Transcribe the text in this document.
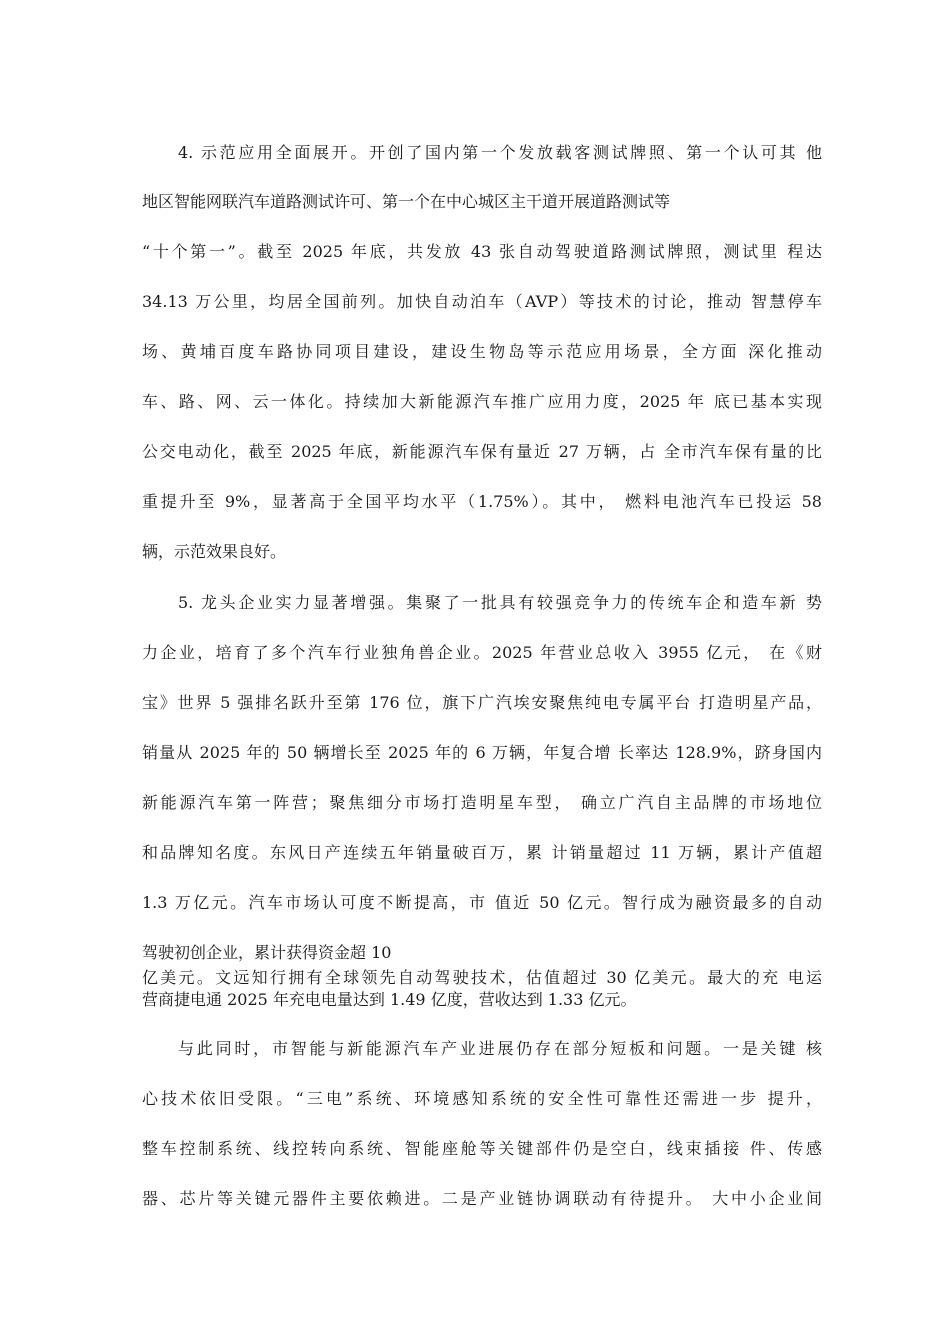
4. 示范应用全面展开。开创了国内第一个发放载客测试牌照、第一个认可其 他
地区智能网联汽车道路测试许可、第一个在中心城区主干道开展道路测试等
“十个第一”。截至 2025 年底，共发放 43 张自动驾驶道路测试牌照，测试里 程达
34.13 万公里，均居全国前列。加快自动泊车（AVP）等技术的讨论，推动 智慧停车
场、黄埔百度车路协同项目建设，建设生物岛等示范应用场景，全方面 深化推动
车、路、网、云一体化。持续加大新能源汽车推广应用力度，2025 年 底已基本实现
公交电动化，截至 2025 年底，新能源汽车保有量近 27 万辆，占 全市汽车保有量的比
重提升至 9%，显著高于全国平均水平（1.75%）。其中， 燃料电池汽车已投运 58
辆，示范效果良好。
5. 龙头企业实力显著增强。集聚了一批具有较强竞争力的传统车企和造车新 势
力企业，培育了多个汽车行业独角兽企业。2025 年营业总收入 3955 亿元， 在《财
宝》世界 5 强排名跃升至第 176 位，旗下广汽埃安聚焦纯电专属平台 打造明星产品，
销量从 2025 年的 50 辆增长至 2025 年的 6 万辆，年复合增 长率达 128.9%，跻身国内
新能源汽车第一阵营；聚焦细分市场打造明星车型， 确立广汽自主品牌的市场地位
和品牌知名度。东风日产连续五年销量破百万，累 计销量超过 11 万辆，累计产值超
1.3 万亿元。汽车市场认可度不断提高，市 值近 50 亿元。智行成为融资最多的自动
驾驶初创企业，累计获得资金超 10
亿美元。文远知行拥有全球领先自动驾驶技术，估值超过 30 亿美元。最大的充 电运
营商捷电通 2025 年充电电量达到 1.49 亿度，营收达到 1.33 亿元。
与此同时，市智能与新能源汽车产业进展仍存在部分短板和问题。一是关键 核
心技术依旧受限。“三电”系统、环境感知系统的安全性可靠性还需进一步 提升，
整车控制系统、线控转向系统、智能座舱等关键部件仍是空白，线束插接 件、传感
器、芯片等关键元器件主要依赖进。二是产业链协调联动有待提升。 大中小企业间
